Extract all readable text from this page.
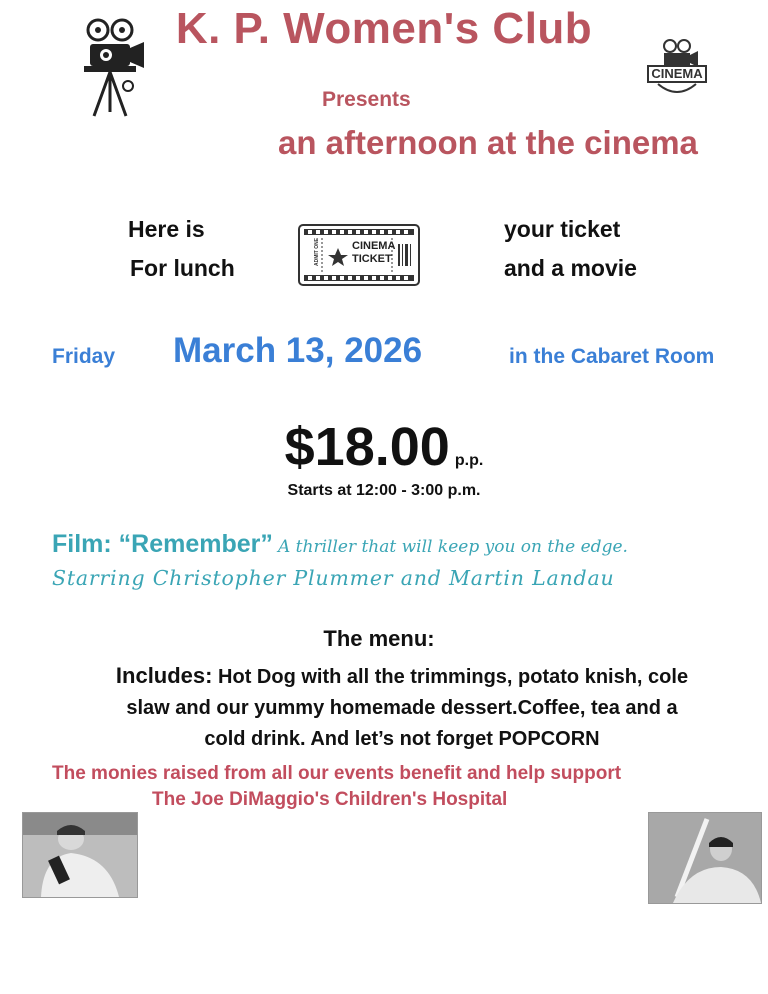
CINEMA
K. P. Women's Club
Presents
an afternoon at the cinema
Here is
For lunch
your ticket
and a movie
ADMIT ONE	CINEMA
TICKET
Friday March 13, 2026	in the Cabaret Room
$18.00 p.p.
Starts at 12:00 - 3:00 p.m.
Film: “Remember” A thriller that will keep you on the edge.
Starring Christopher Plummer and Martin Landau
The menu:
Includes: Hot Dog with all the trimmings, potato knish, cole
slaw and our yummy homemade dessert.Coffee, tea and a
cold drink. And let’s not forget POPCORN
The monies raised from all our events benefit and help support
The Joe DiMaggio's Children's Hospital
